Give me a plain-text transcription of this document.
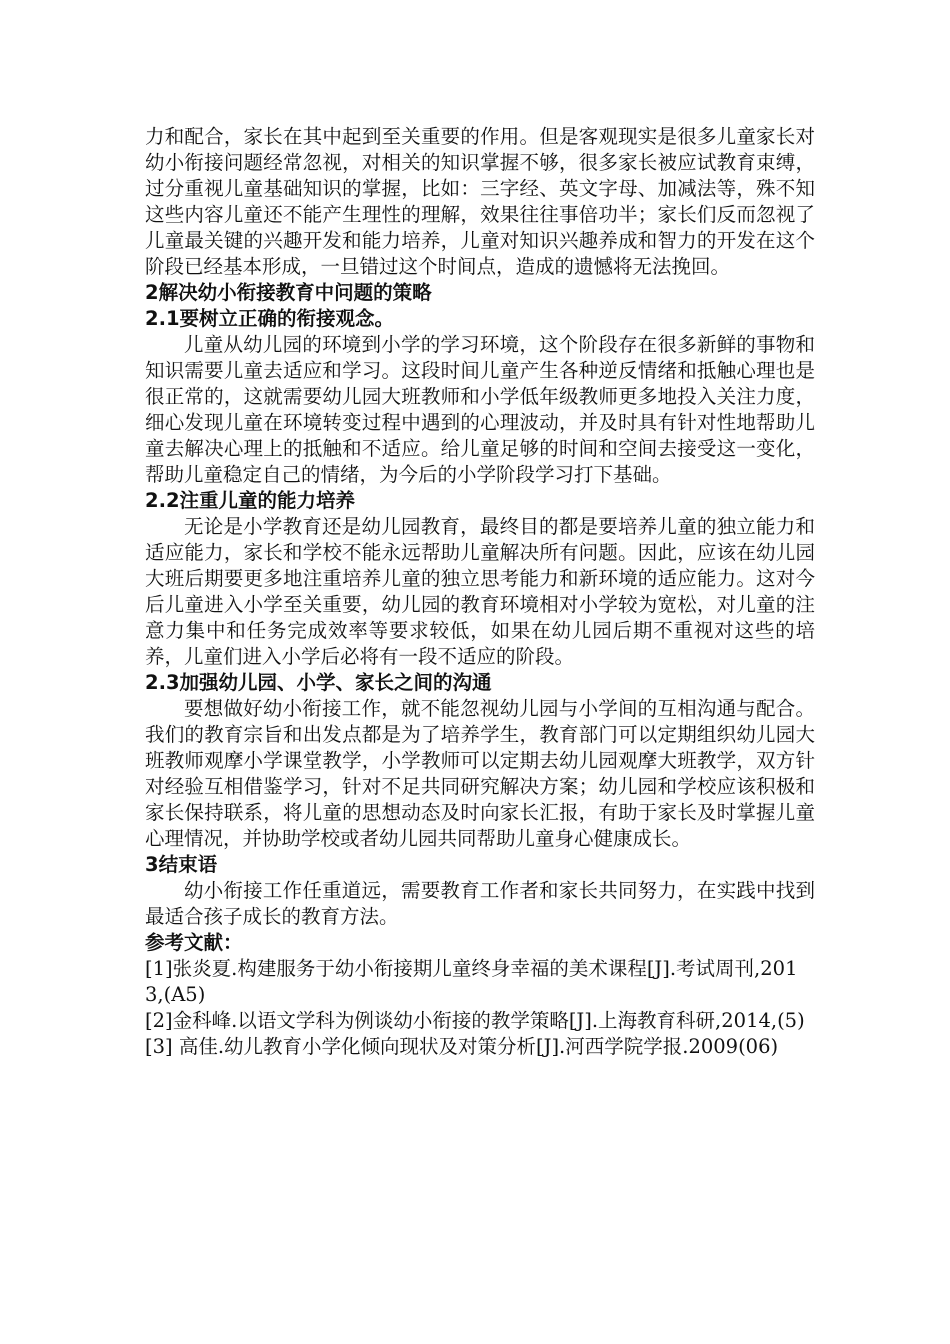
力和配合，家长在其中起到至关重要的作用。但是客观现实是很多儿童家长对幼小衔接问题经常忽视，对相关的知识掌握不够，很多家长被应试教育束缚，过分重视儿童基础知识的掌握，比如：三字经、英文字母、加减法等，殊不知这些内容儿童还不能产生理性的理解，效果往往事倍功半；家长们反而忽视了儿童最关键的兴趣开发和能力培养，儿童对知识兴趣养成和智力的开发在这个阶段已经基本形成，一旦错过这个时间点，造成的遗憾将无法挽回。

2解决幼小衔接教育中问题的策略
2.1要树立正确的衔接观念。

儿童从幼儿园的环境到小学的学习环境，这个阶段存在很多新鲜的事物和知识需要儿童去适应和学习。这段时间儿童产生各种逆反情绪和抵触心理也是很正常的，这就需要幼儿园大班教师和小学低年级教师更多地投入关注力度，细心发现儿童在环境转变过程中遇到的心理波动，并及时具有针对性地帮助儿童去解决心理上的抵触和不适应。给儿童足够的时间和空间去接受这一变化，帮助儿童稳定自己的情绪，为今后的小学阶段学习打下基础。

2.2注重儿童的能力培养

无论是小学教育还是幼儿园教育，最终目的都是要培养儿童的独立能力和适应能力，家长和学校不能永远帮助儿童解决所有问题。因此，应该在幼儿园大班后期要更多地注重培养儿童的独立思考能力和新环境的适应能力。这对今后儿童进入小学至关重要，幼儿园的教育环境相对小学较为宽松，对儿童的注意力集中和任务完成效率等要求较低，如果在幼儿园后期不重视对这些的培养，儿童们进入小学后必将有一段不适应的阶段。

2.3加强幼儿园、小学、家长之间的沟通

要想做好幼小衔接工作，就不能忽视幼儿园与小学间的互相沟通与配合。我们的教育宗旨和出发点都是为了培养学生，教育部门可以定期组织幼儿园大班教师观摩小学课堂教学，小学教师可以定期去幼儿园观摩大班教学，双方针对经验互相借鉴学习，针对不足共同研究解决方案；幼儿园和学校应该积极和家长保持联系，将儿童的思想动态及时向家长汇报，有助于家长及时掌握儿童心理情况，并协助学校或者幼儿园共同帮助儿童身心健康成长。

3结束语

幼小衔接工作任重道远，需要教育工作者和家长共同努力，在实践中找到最适合孩子成长的教育方法。

参考文献：

[1]张炎夏.构建服务于幼小衔接期儿童终身幸福的美术课程[J].考试周刊,2013,(A5)

[2]金科峰.以语文学科为例谈幼小衔接的教学策略[J].上海教育科研,2014,(5)

[3] 高佳.幼儿教育小学化倾向现状及对策分析[J].河西学院学报.2009(06)
